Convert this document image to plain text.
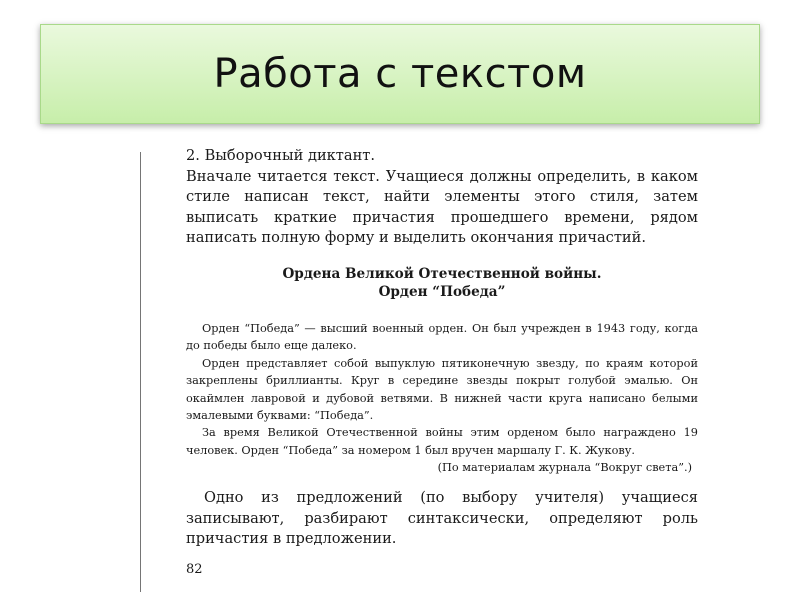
Работа с текстом

2. Выборочный диктант.

Вначале читается текст. Учащиеся должны определить, в каком стиле написан текст, найти элементы этого стиля, затем выписать краткие причастия прошедшего времени, рядом написать полную форму и выделить окончания причастий.

Ордена Великой Отечественной войны.
Орден “Победа”

Орден “Победа” — высший военный орден. Он был учрежден в 1943 году, когда до победы было еще далеко.

Орден представляет собой выпуклую пятиконечную звезду, по краям которой закреплены бриллианты. Круг в середине звезды покрыт голубой эмалью. Он окаймлен лавровой и дубовой ветвями. В нижней части круга написано белыми эмалевыми буквами: “Победа”.

За время Великой Отечественной войны этим орденом было награждено 19 человек. Орден “Победа” за номером 1 был вручен маршалу Г. К. Жукову.

(По материалам журнала “Вокруг света”.)

Одно из предложений (по выбору учителя) учащиеся записывают, разбирают синтаксически, определяют роль причастия в предложении.

82
